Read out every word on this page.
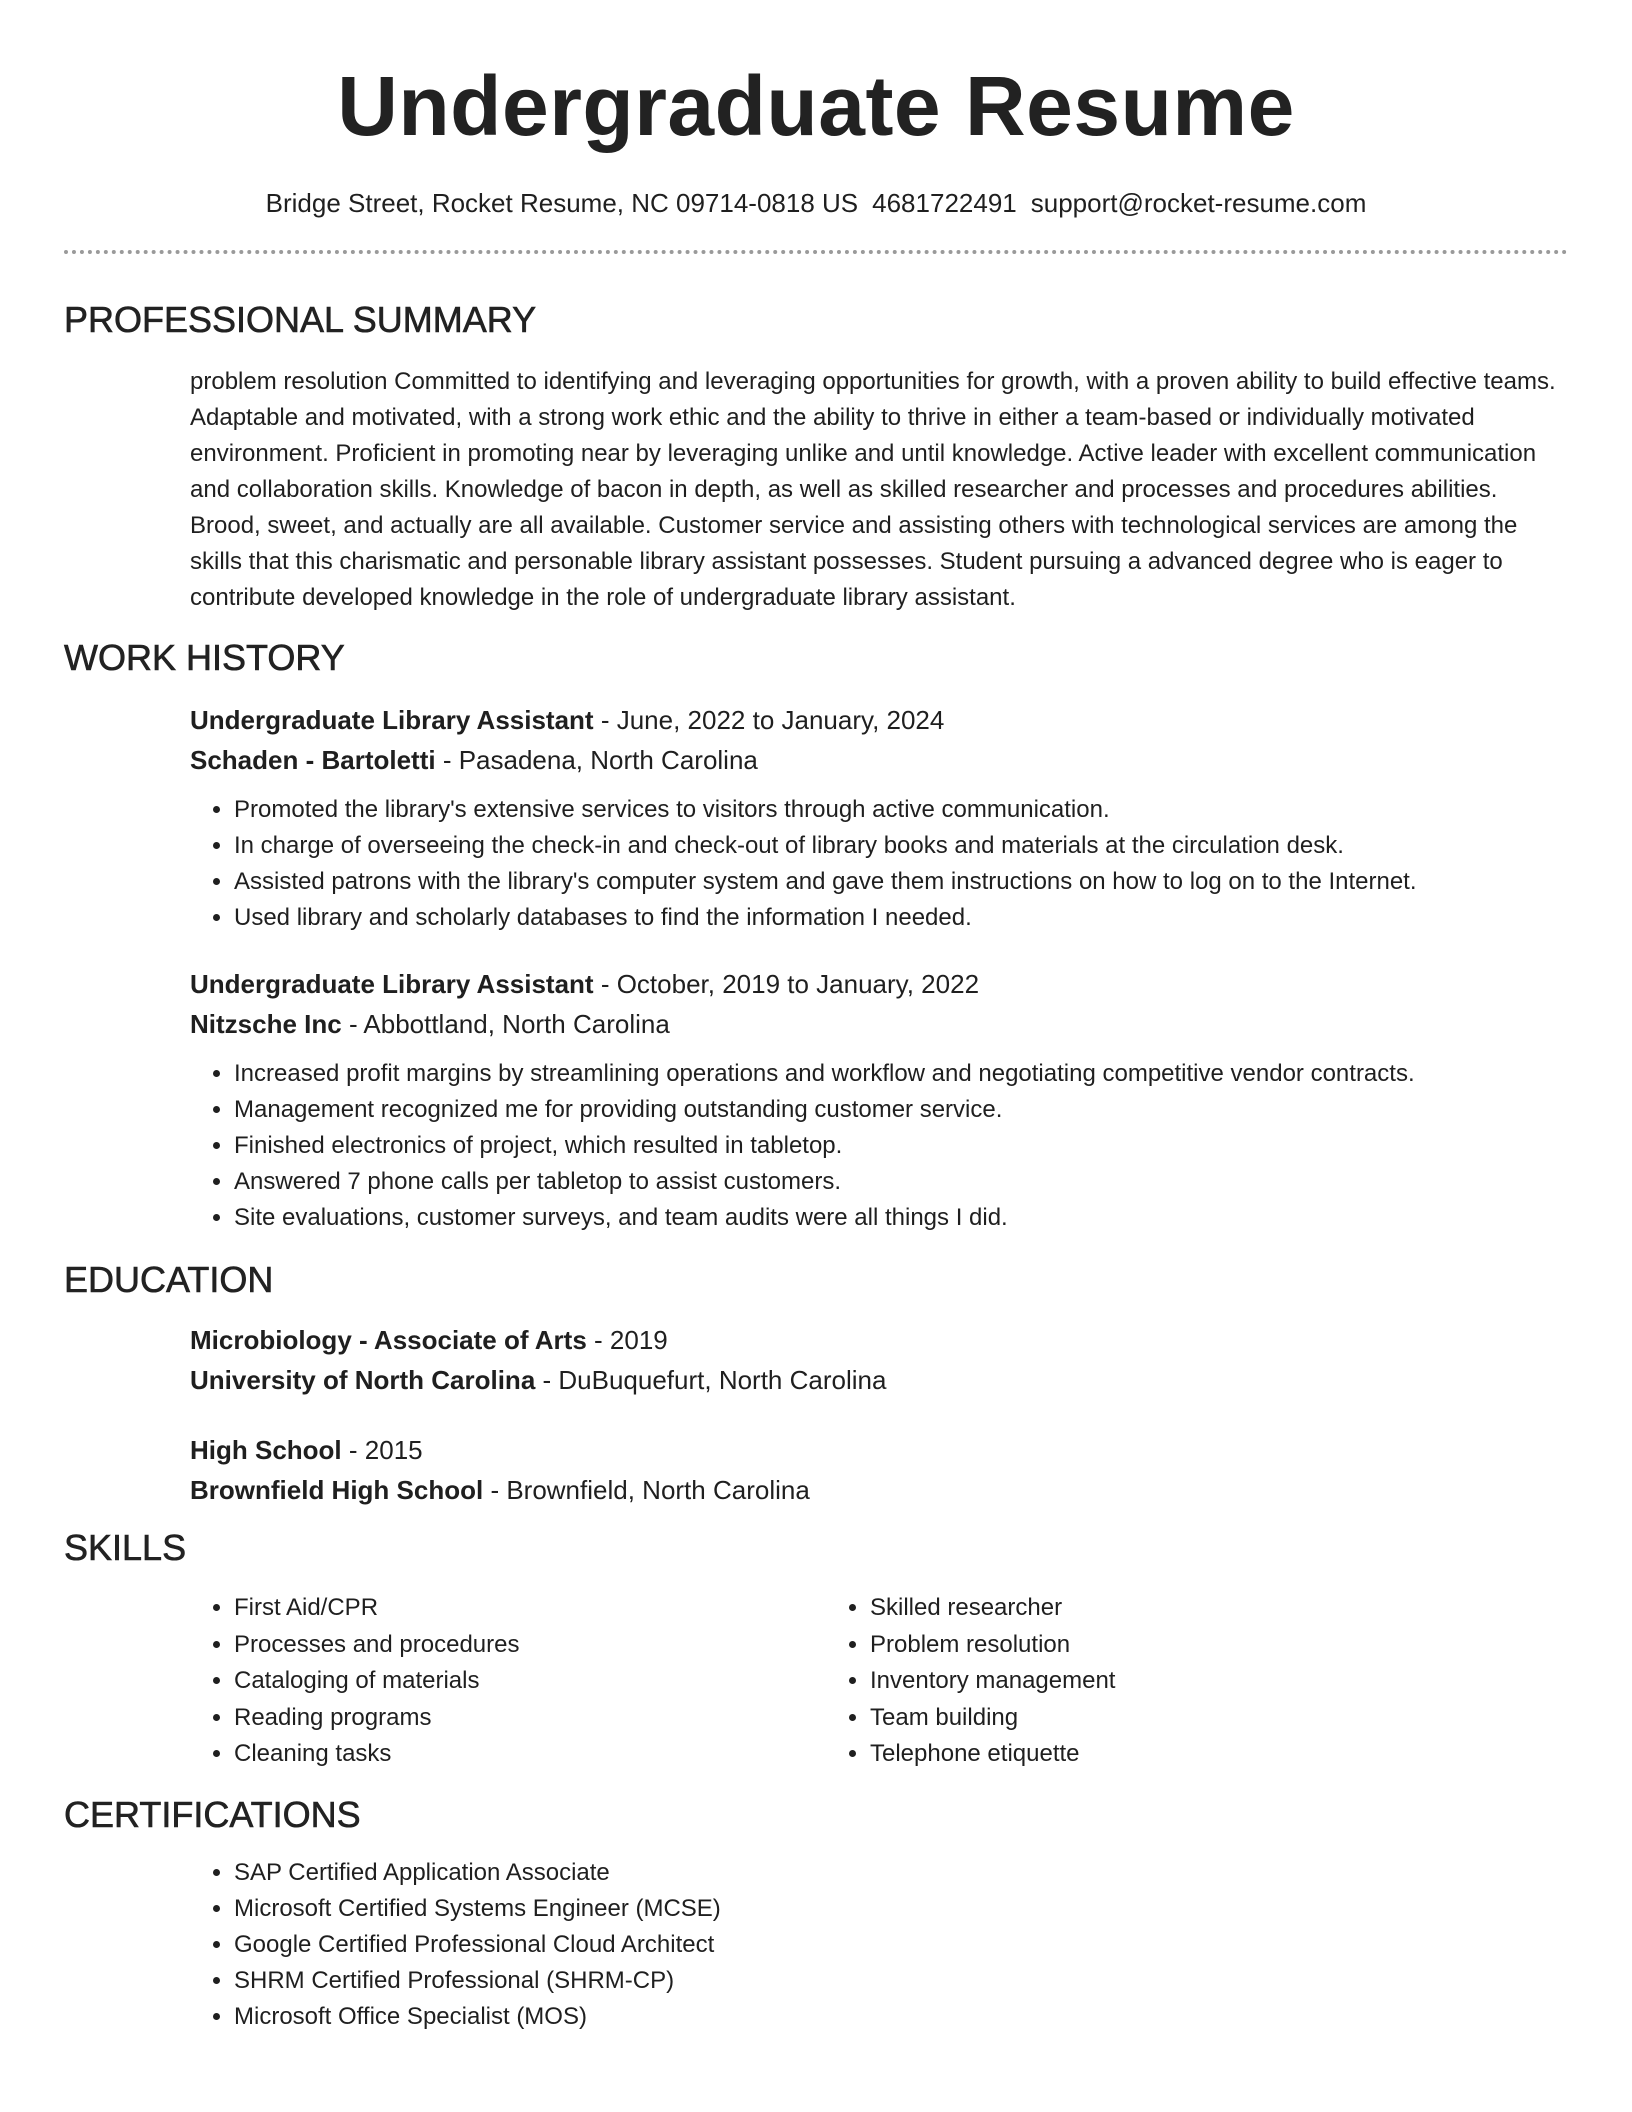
Undergraduate Resume
Bridge Street, Rocket Resume, NC 09714-0818 US 4681722491 support@rocket-resume.com
PROFESSIONAL SUMMARY

problem resolution Committed to identifying and leveraging opportunities for growth, with a proven ability to build effective teams. Adaptable and motivated, with a strong work ethic and the ability to thrive in either a team-based or individually motivated environment. Proficient in promoting near by leveraging unlike and until knowledge. Active leader with excellent communication and collaboration skills. Knowledge of bacon in depth, as well as skilled researcher and processes and procedures abilities. Brood, sweet, and actually are all available. Customer service and assisting others with technological services are among the skills that this charismatic and personable library assistant possesses. Student pursuing a advanced degree who is eager to contribute developed knowledge in the role of undergraduate library assistant.

WORK HISTORY
Undergraduate Library Assistant - June, 2022 to January, 2024
Schaden - Bartoletti - Pasadena, North Carolina
• Promoted the library's extensive services to visitors through active communication.
• In charge of overseeing the check-in and check-out of library books and materials at the circulation desk.
• Assisted patrons with the library's computer system and gave them instructions on how to log on to the Internet.
• Used library and scholarly databases to find the information I needed.
Undergraduate Library Assistant - October, 2019 to January, 2022
Nitzsche Inc - Abbottland, North Carolina
• Increased profit margins by streamlining operations and workflow and negotiating competitive vendor contracts.
• Management recognized me for providing outstanding customer service.
• Finished electronics of project, which resulted in tabletop.
• Answered 7 phone calls per tabletop to assist customers.
• Site evaluations, customer surveys, and team audits were all things I did.
EDUCATION
Microbiology - Associate of Arts - 2019
University of North Carolina - DuBuquefurt, North Carolina
High School - 2015
Brownfield High School - Brownfield, North Carolina
SKILLS
• First Aid/CPR
• Processes and procedures
• Cataloging of materials
• Reading programs
• Cleaning tasks
• Skilled researcher
• Problem resolution
• Inventory management
• Team building
• Telephone etiquette
CERTIFICATIONS
• SAP Certified Application Associate
• Microsoft Certified Systems Engineer (MCSE)
• Google Certified Professional Cloud Architect
• SHRM Certified Professional (SHRM-CP)
• Microsoft Office Specialist (MOS)
